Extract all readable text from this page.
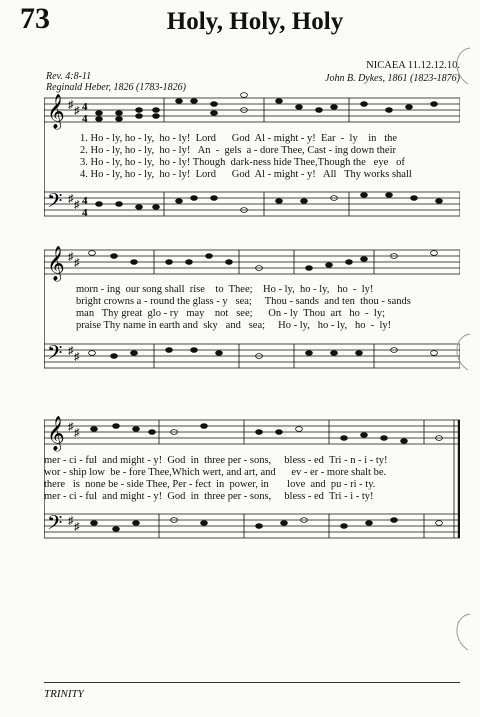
73	Holy, Holy, Holy
Rev. 4:8-11
NICAEA 11.12.12.10.
Reginald Heber, 1826 (1783-1826)
John B. Dykes, 1861 (1823-1876)
𝄞
𝄢
♯ ♯
♯ ♯
4
4
4
4
1. Ho - ly, ho - ly,  ho - ly!  Lord      God  Al - might - y!  Ear  -  ly    in   the
2. Ho - ly, ho - ly,  ho - ly!   An  -  gels  a - dore Thee, Cast - ing down their
3. Ho - ly, ho - ly,  ho - ly! Though  dark-ness hide Thee,Though the   eye   of
4. Ho - ly, ho - ly,  ho - ly!  Lord      God  Al - might - y!   All   Thy works shall
𝄞
𝄢
♯ ♯
♯ ♯
morn - ing  our song shall  rise    to  Thee;    Ho - ly,  ho - ly,   ho  -  ly!
bright crowns a - round the glass - y   sea;     Thou - sands  and ten  thou - sands
man   Thy great  glo - ry   may    not   see;      On - ly  Thou  art   ho  -  ly;
praise Thy name in earth and  sky   and   sea;     Ho - ly,   ho - ly,   ho  -  ly!
𝄞
𝄢
♯ ♯
♯ ♯
mer - ci - ful  and might - y!  God  in  three per - sons,     bless - ed  Tri - n - i - ty!
wor - ship low  be - fore Thee,Which wert, and art, and      ev - er - more shalt be.
there   is  none be - side Thee, Per - fect  in  power, in       love  and  pu - ri - ty.
mer - ci - ful  and might - y!  God  in  three per - sons,     bless - ed  Tri - i - ty!
TRINITY
